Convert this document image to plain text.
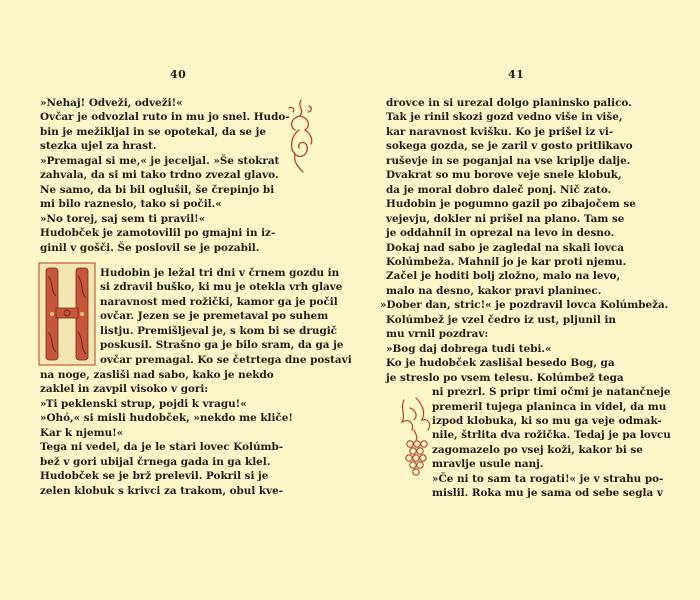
40	41
»Nehaj! Odveži, odveži!«
Ovčar je odvozlal ruto in mu jo snel. Hudo-
bin je mežikljal in se opotekal, da se je
stezka ujel za hrast.
»Premagal si me,« je jeceljal. »Še stokrat
zahvala, da si mi tako trdno zvezal glavo.
Ne samo, da bi bil oglušil, še črepinjo bi
mi bilo razneslo, tako si počil.«
»No torej, saj sem ti pravil!«
Hudobček je zamotovilil po gmajni in iz-
ginil v gošči. Še poslovil se je pozabil.
Hudobin je ležal tri dni v črnem gozdu in
si zdravil buško, ki mu je otekla vrh glave
naravnost med rožički, kamor ga je počil
ovčar. Jezen se je premetaval po suhem
listju. Premišljeval je, s kom bi se drugič
poskusil. Strašno ga je bilo sram, da ga je
ovčar premagal. Ko se četrtega dne postavi
na noge, zasliši nad sabo, kako je nekdo
zaklel in zavpil visoko v gori:
»Ti peklenski strup, pojdi k vragu!«
»Ohó,« si misli hudobček, »nekdo me kliče!
Kar k njemu!«
Tega ni vedel, da je le stari lovec Kolúmb-
bež v gori ubijal črnega gada in ga klel.
Hudobček se je brž prelevil. Pokril si je
zelen klobuk s krivci za trakom, obul kve-
drovce in si urezal dolgo planinsko palico.
Tak je rinil skozi gozd vedno više in više,
kar naravnost kvišku. Ko je prišel iz vi-
sokega gozda, se je zaril v gosto pritlikavo
ruševje in se poganjal na vse kriplje dalje.
Dvakrat so mu borove veje snele klobuk,
da je moral dobro daleč ponj. Nič zato.
Hudobin je pogumno gazil po zibajočem se
vejevju, dokler ni prišel na plano. Tam se
je oddahnil in oprezal na levo in desno.
Dokaj nad sabo je zagledal na skali lovca
Kolúmbeža. Mahnil jo je kar proti njemu.
Začel je hoditi bolj zložno, malo na levo,
malo na desno, kakor pravi planinec.
»Dober dan, stric!« je pozdravil lovca Kolúmbeža.
Kolúmbež je vzel čedro iz ust, pljunil in
mu vrnil pozdrav:
»Bog daj dobrega tudi tebi.«
Ko je hudobček zaslišal besedo Bog, ga
je streslo po vsem telesu. Kolúmbež tega
ni prezrl. S pripr timi očmi je natančneje
premeril tujega planinca in videl, da mu
izpod klobuka, ki so mu ga veje odmak-
nile, štrlita dva rožička. Tedaj je pa lovcu
zagomazelo po vsej koži, kakor bi se
mravlje usule nanj.
»Če ni to sam ta rogati!« je v strahu po-
mislil. Roka mu je sama od sebe segla v
